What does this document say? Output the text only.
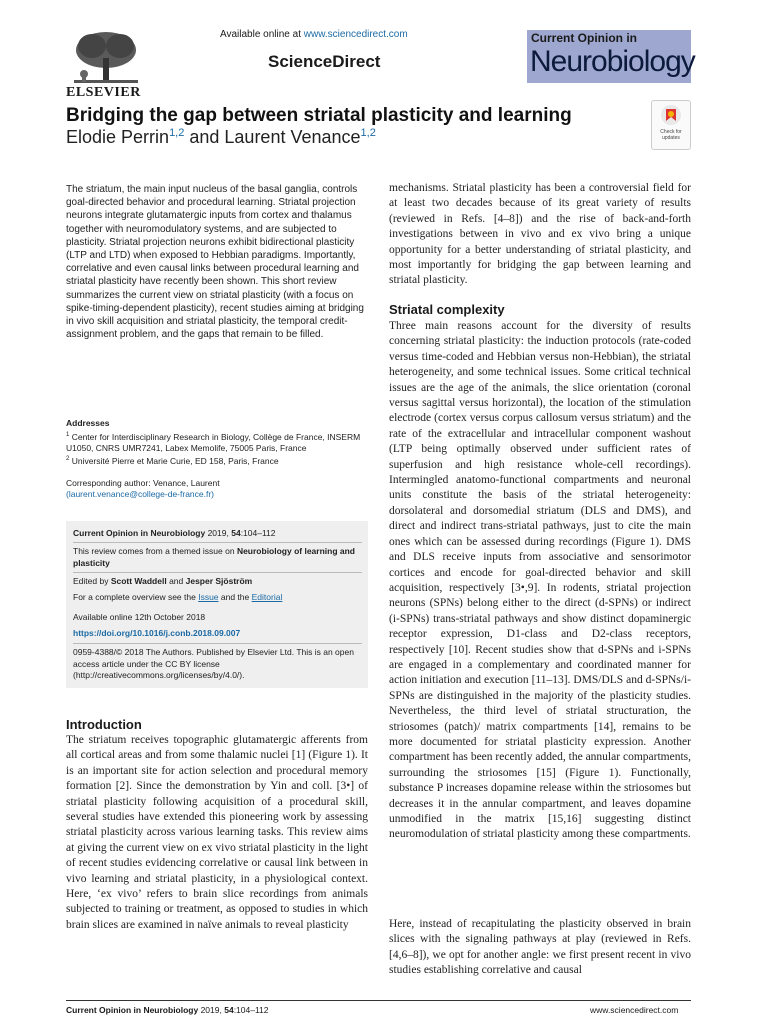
ELSEVIER
Available online at www.sciencedirect.com
ScienceDirect
Current Opinion in
Neurobiology
Bridging the gap between striatal plasticity and learning
Elodie Perrin$^{1,2}$ and Laurent Venance$^{1,2}$	Check for updates
The striatum, the main input nucleus of the basal ganglia, controls goal-directed behavior and procedural learning. Striatal projection neurons integrate glutamatergic inputs from cortex and thalamus together with neuromodulatory systems, and are subjected to plasticity. Striatal projection neurons exhibit bidirectional plasticity (LTP and LTD) when exposed to Hebbian paradigms. Importantly, correlative and even causal links between procedural learning and striatal plasticity have recently been shown. This short review summarizes the current view on striatal plasticity (with a focus on spike-timing-dependent plasticity), recent studies aiming at bridging in vivo skill acquisition and striatal plasticity, the temporal credit-assignment problem, and the gaps that remain to be filled.
Addresses
$^1$ Center for Interdisciplinary Research in Biology, Collège de France, INSERM U1050, CNRS UMR7241, Labex Memolife, 75005 Paris, France
$^2$ Université Pierre et Marie Curie, ED 158, Paris, France
Corresponding author: Venance, Laurent
(laurent.venance@college-de-france.fr)
Current Opinion in Neurobiology 2019, 54:104–112
This review comes from a themed issue on Neurobiology of learning and plasticity
Edited by Scott Waddell and Jesper Sjöström
For a complete overview see the Issue and the Editorial
Available online 12th October 2018
https://doi.org/10.1016/j.conb.2018.09.007
0959-4388/© 2018 The Authors. Published by Elsevier Ltd. This is an open access article under the CC BY license (http://creativecommons.org/licenses/by/4.0/).
Introduction
The striatum receives topographic glutamatergic afferents from all cortical areas and from some thalamic nuclei [1] (Figure 1). It is an important site for action selection and procedural memory formation [2]. Since the demonstration by Yin and coll. [3•] of striatal plasticity following acquisition of a procedural skill, several studies have extended this pioneering work by assessing striatal plasticity across various learning tasks. This review aims at giving the current view on ex vivo striatal plasticity in the light of recent studies evidencing correlative or causal link between in vivo learning and striatal plasticity, in a physiological context. Here, ‘ex vivo’ refers to brain slice recordings from animals subjected to training or treatment, as opposed to studies in which brain slices are examined in naïve animals to reveal plasticity
mechanisms. Striatal plasticity has been a controversial field for at least two decades because of its great variety of results (reviewed in Refs. [4–8]) and the rise of back-and-forth investigations between in vivo and ex vivo bring a unique opportunity for a better understanding of striatal plasticity, and most importantly for bridging the gap between learning and striatal plasticity.
Striatal complexity
Three main reasons account for the diversity of results concerning striatal plasticity: the induction protocols (rate-coded versus time-coded and Hebbian versus non-Hebbian), the striatal heterogeneity, and some technical issues. Some critical technical issues are the age of the animals, the slice orientation (coronal versus sagittal versus horizontal), the location of the stimulation electrode (cortex versus corpus callosum versus striatum) and the rate of the extracellular and intracellular component washout (LTP being optimally observed under sufficient rates of superfusion and high resistance whole-cell recordings). Intermingled anatomo-functional compartments and neuronal units constitute the basis of the striatal heterogeneity: dorsolateral and dorsomedial striatum (DLS and DMS), and direct and indirect trans-striatal pathways, just to cite the main ones which can be assessed during recordings (Figure 1). DMS and DLS receive inputs from associative and sensorimotor cortices and encode for goal-directed behavior and skill acquisition, respectively [3•,9]. In rodents, striatal projection neurons (SPNs) belong either to the direct (d-SPNs) or indirect (i-SPNs) trans-striatal pathways and show distinct dopaminergic receptor expression, D1-class and D2-class receptors, respectively [10]. Recent studies show that d-SPNs and i-SPNs are engaged in a complementary and coordinated manner for action initiation and execution [11–13]. DMS/DLS and d-SPNs/i-SPNs are distinguished in the majority of the plasticity studies. Nevertheless, the third level of striatal structuration, the striosomes (patch)/ matrix compartments [14], remains to be more documented for striatal plasticity expression. Another compartment has been recently added, the annular compartments, surrounding the striosomes [15] (Figure 1). Functionally, substance P increases dopamine release within the striosomes but decreases it in the annular compartment, and leaves dopamine unmodified in the matrix [15,16] suggesting distinct neuromodulation of striatal plasticity among these compartments.
Here, instead of recapitulating the plasticity observed in brain slices with the signaling pathways at play (reviewed in Refs. [4,6–8]), we opt for another angle: we first present recent in vivo studies establishing correlative and causal
Current Opinion in Neurobiology 2019, 54:104–112	www.sciencedirect.com
